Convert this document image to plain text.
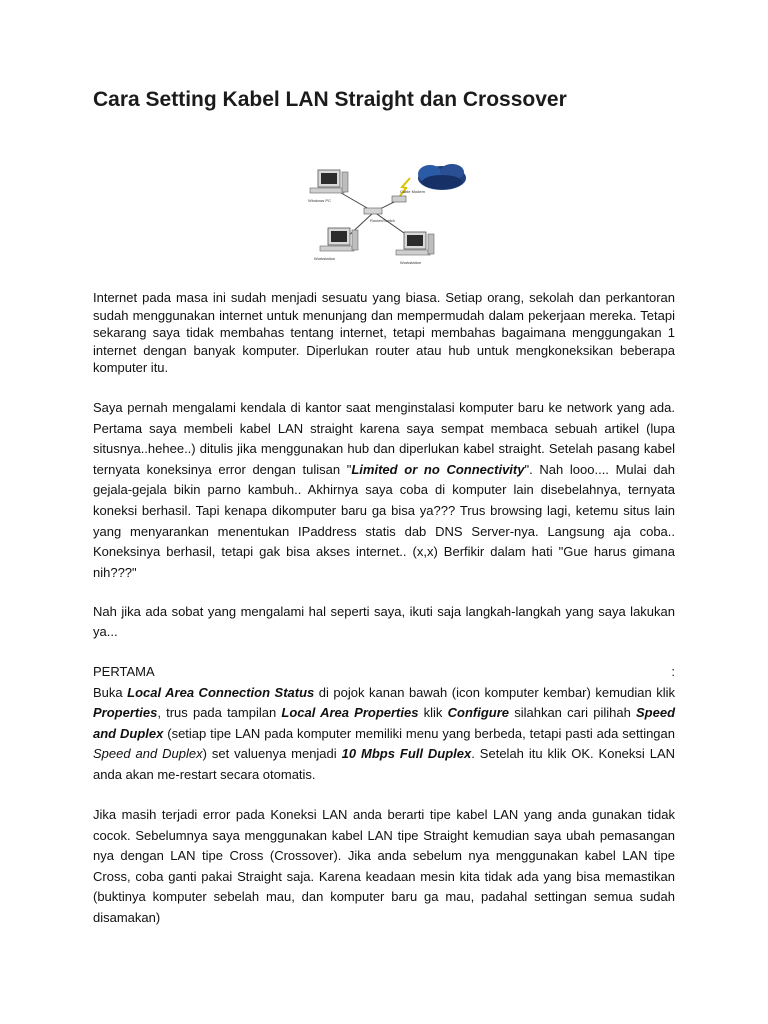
Cara Setting Kabel LAN Straight dan Crossover
Windows PC
Cable Modem
Router/Switch
Workstation
Workstation

Internet pada masa ini sudah menjadi sesuatu yang biasa. Setiap orang, sekolah dan perkantoran sudah menggunakan internet untuk menunjang dan mempermudah dalam pekerjaan mereka. Tetapi sekarang saya tidak membahas tentang internet, tetapi membahas bagaimana menggungakan 1 internet dengan banyak komputer. Diperlukan router atau hub untuk mengkoneksikan beberapa komputer itu.

Saya pernah mengalami kendala di kantor saat menginstalasi komputer baru ke network yang ada. Pertama saya membeli kabel LAN straight karena saya sempat membaca sebuah artikel (lupa situsnya..hehee..) ditulis jika menggunakan hub dan diperlukan kabel straight. Setelah pasang kabel ternyata koneksinya error dengan tulisan "Limited or no Connectivity". Nah looo.... Mulai dah gejala-gejala bikin parno kambuh.. Akhirnya saya coba di komputer lain disebelahnya, ternyata koneksi berhasil. Tapi kenapa dikomputer baru ga bisa ya??? Trus browsing lagi, ketemu situs lain yang menyarankan menentukan IPaddress statis dab DNS Server-nya. Langsung aja coba.. Koneksinya berhasil, tetapi gak bisa akses internet.. (x,x) Berfikir dalam hati "Gue harus gimana nih???"

Nah jika ada sobat yang mengalami hal seperti saya, ikuti saja langkah-langkah yang saya lakukan ya...

PERTAMA	:

Buka Local Area Connection Status di pojok kanan bawah (icon komputer kembar) kemudian klik Properties, trus pada tampilan Local Area Properties klik Configure silahkan cari pilihah Speed and Duplex (setiap tipe LAN pada komputer memiliki menu yang berbeda, tetapi pasti ada settingan Speed and Duplex) set valuenya menjadi 10 Mbps Full Duplex. Setelah itu klik OK. Koneksi LAN anda akan me-restart secara otomatis.

Jika masih terjadi error pada Koneksi LAN anda berarti tipe kabel LAN yang anda gunakan tidak cocok. Sebelumnya saya menggunakan kabel LAN tipe Straight kemudian saya ubah pemasangan nya dengan LAN tipe Cross (Crossover). Jika anda sebelum nya menggunakan kabel LAN tipe Cross, coba ganti pakai Straight saja. Karena keadaan mesin kita tidak ada yang bisa memastikan (buktinya komputer sebelah mau, dan komputer baru ga mau, padahal settingan semua sudah disamakan)
